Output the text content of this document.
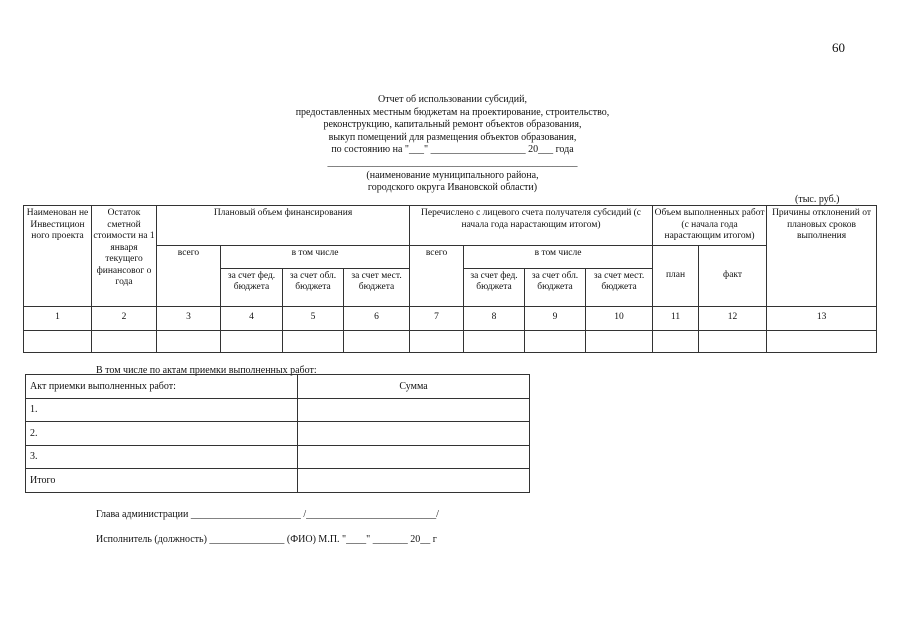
60
Отчет об использовании субсидий,
предоставленных местным бюджетам на проектирование, строительство,
реконструкцию, капитальный ремонт объектов образования,
выкуп помещений для размещения объектов образования,
по состоянию на "___" ___________________ 20___ года
__________________________________________________
(наименование муниципального района,
городского округа Ивановской области)
(тыс. руб.)
Наименован не Инвестицион ного проекта	Остаток сметной стоимости на 1 января текущего финансовог о года	Плановый объем финансирования				Перечислено с лицевого счета получателя субсидий (с начала года нарастающим итогом)				Объем выполненных работ (с начала года нарастающим итогом)		Причины отклонений от плановых сроков выполнения
		всего	в том числе			всего	в том числе			план	факт	
			за счет фед. бюджета	за счет обл. бюджета	за счет мест. бюджета		за счет фед. бюджета	за счет обл. бюджета	за счет мест. бюджета			
1	2	3	4	5	6	7	8	9	10	11	12	13

В том числе по актам приемки выполненных работ:
Акт приемки выполненных работ:	Сумма
1.	
2.	
3.	
Итого	
Глава администрации ______________________ /__________________________/
Исполнитель (должность) _______________ (ФИО) М.П. "____" _______ 20__ г
